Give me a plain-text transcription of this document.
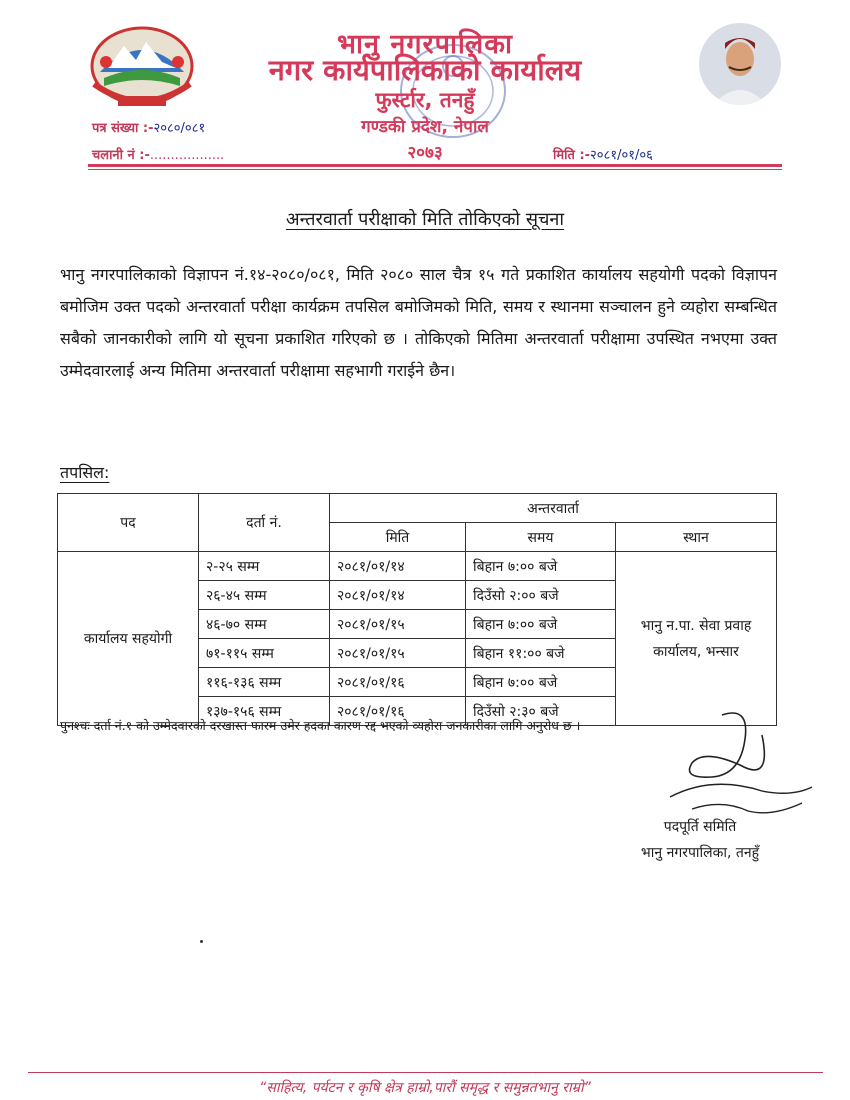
भानु नगरपालिका
नगर कार्यपालिकाको कार्यालय
फुर्स्टार, तनहुँ
गण्डकी प्रदेश, नेपाल
२०७३
पत्र संख्या :-२०८०/०८१
चलानी नं :-..................	मिति :-२०८१/०१/०६
अन्तरवार्ता परीक्षाको मिति तोकिएको सूचना
भानु नगरपालिकाको विज्ञापन नं.१४-२०८०/०८१, मिति २०८० साल चैत्र १५ गते प्रकाशित कार्यालय सहयोगी पदको विज्ञापन बमोजिम उक्त पदको अन्तरवार्ता परीक्षा कार्यक्रम तपसिल बमोजिमको मिति, समय र स्थानमा सञ्चालन हुने व्यहोरा सम्बन्धित सबैको जानकारीको लागि यो सूचना प्रकाशित गरिएको छ । तोकिएको मितिमा अन्तरवार्ता परीक्षामा उपस्थित नभएमा उक्त उम्मेदवारलाई अन्य मितिमा अन्तरवार्ता परीक्षामा सहभागी गराईने छैन।
तपसिल:
पद	दर्ता नं.	अन्तरवार्ता		
		मिति	समय	स्थान
कार्यालय सहयोगी	२-२५ सम्म	२०८१/०१/१४	बिहान ७:०० बजे	भानु न.पा. सेवा प्रवाह
कार्यालय, भन्सार

	२६-४५ सम्म	२०८१/०१/१४	दिउँसो २:०० बजे	
	४६-७० सम्म	२०८१/०१/१५	बिहान ७:०० बजे	
	७१-११५ सम्म	२०८१/०१/१५	बिहान ११:०० बजे	
	११६-१३६ सम्म	२०८१/०१/१६	बिहान ७:०० बजे	
	१३७-१५६ सम्म	२०८१/०१/१६	दिउँसो २:३० बजे	
पुनश्चः दर्ता नं.१ को उम्मेदवारको दरखास्त फारम उमेर हदका कारण रद्द भएको व्यहोरा जनकारीका लागि अनुरोध छ ।
पदपूर्ति समिति
भानु नगरपालिका, तनहुँ
“साहित्य, पर्यटन र कृषि क्षेत्र हाम्रो,पारौं समृद्ध र समुन्नतभानु राम्रो”
